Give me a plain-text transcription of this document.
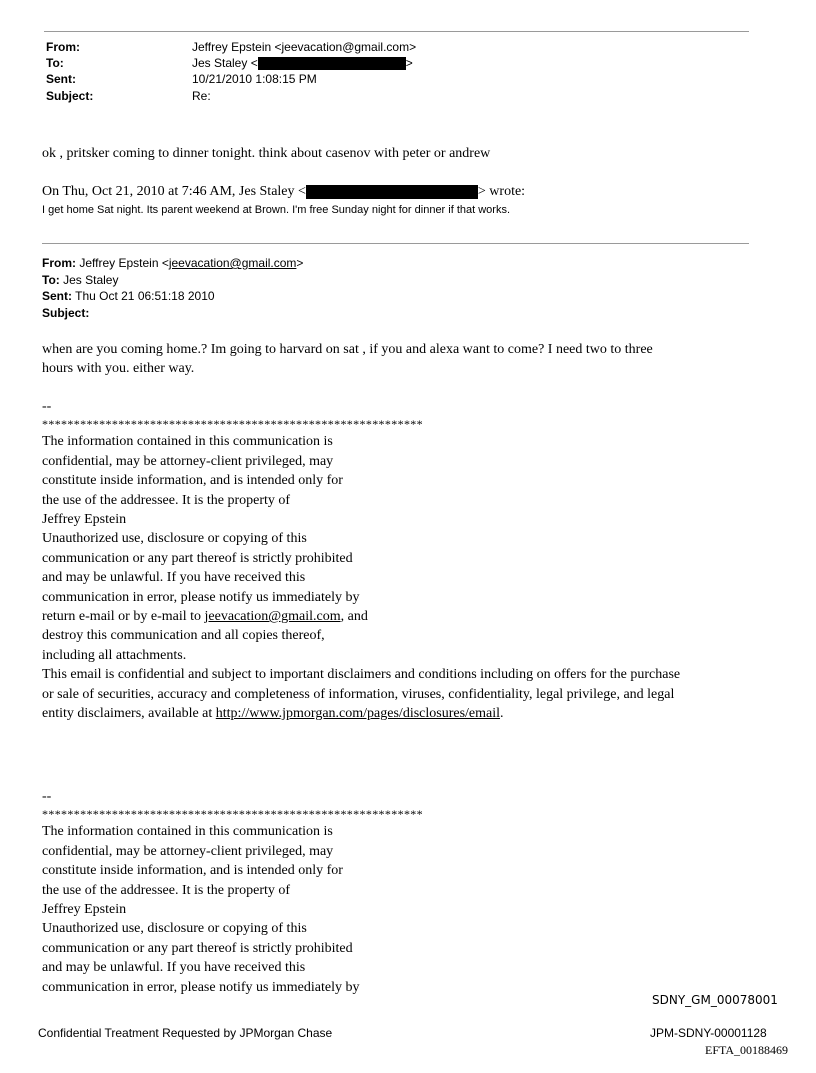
From:	Jeffrey Epstein <jeevacation@gmail.com>
To:	Jes Staley <	>
Sent:	10/21/2010 1:08:15 PM
Subject:	Re:
ok , pritsker coming to dinner tonight. think about casenov with peter or andrew
On Thu, Oct 21, 2010 at 7:46 AM, Jes Staley <	> wrote:
I get home Sat night. Its parent weekend at Brown. I'm free Sunday night for dinner if that works.
From: Jeffrey Epstein <jeevacation@gmail.com>
To: Jes Staley
Sent: Thu Oct 21 06:51:18 2010
Subject:
when are you coming home.? Im going to harvard on sat , if you and alexa want to come? I need two to three
hours with you. either way.

--

************************************************************

The information contained in this communication is

confidential, may be attorney-client privileged, may

constitute inside information, and is intended only for

the use of the addressee. It is the property of

Jeffrey Epstein

Unauthorized use, disclosure or copying of this

communication or any part thereof is strictly prohibited

and may be unlawful. If you have received this

communication in error, please notify us immediately by

return e-mail or by e-mail to jeevacation@gmail.com, and

destroy this communication and all copies thereof,

including all attachments.

This email is confidential and subject to important disclaimers and conditions including on offers for the purchase

or sale of securities, accuracy and completeness of information, viruses, confidentiality, legal privilege, and legal

entity disclaimers, available at http://www.jpmorgan.com/pages/disclosures/email.

--

************************************************************

The information contained in this communication is

confidential, may be attorney-client privileged, may

constitute inside information, and is intended only for

the use of the addressee. It is the property of

Jeffrey Epstein

Unauthorized use, disclosure or copying of this

communication or any part thereof is strictly prohibited

and may be unlawful. If you have received this

communication in error, please notify us immediately by

SDNY_GM_00078001
Confidential Treatment Requested by JPMorgan Chase	JPM-SDNY-00001128
EFTA_00188469
